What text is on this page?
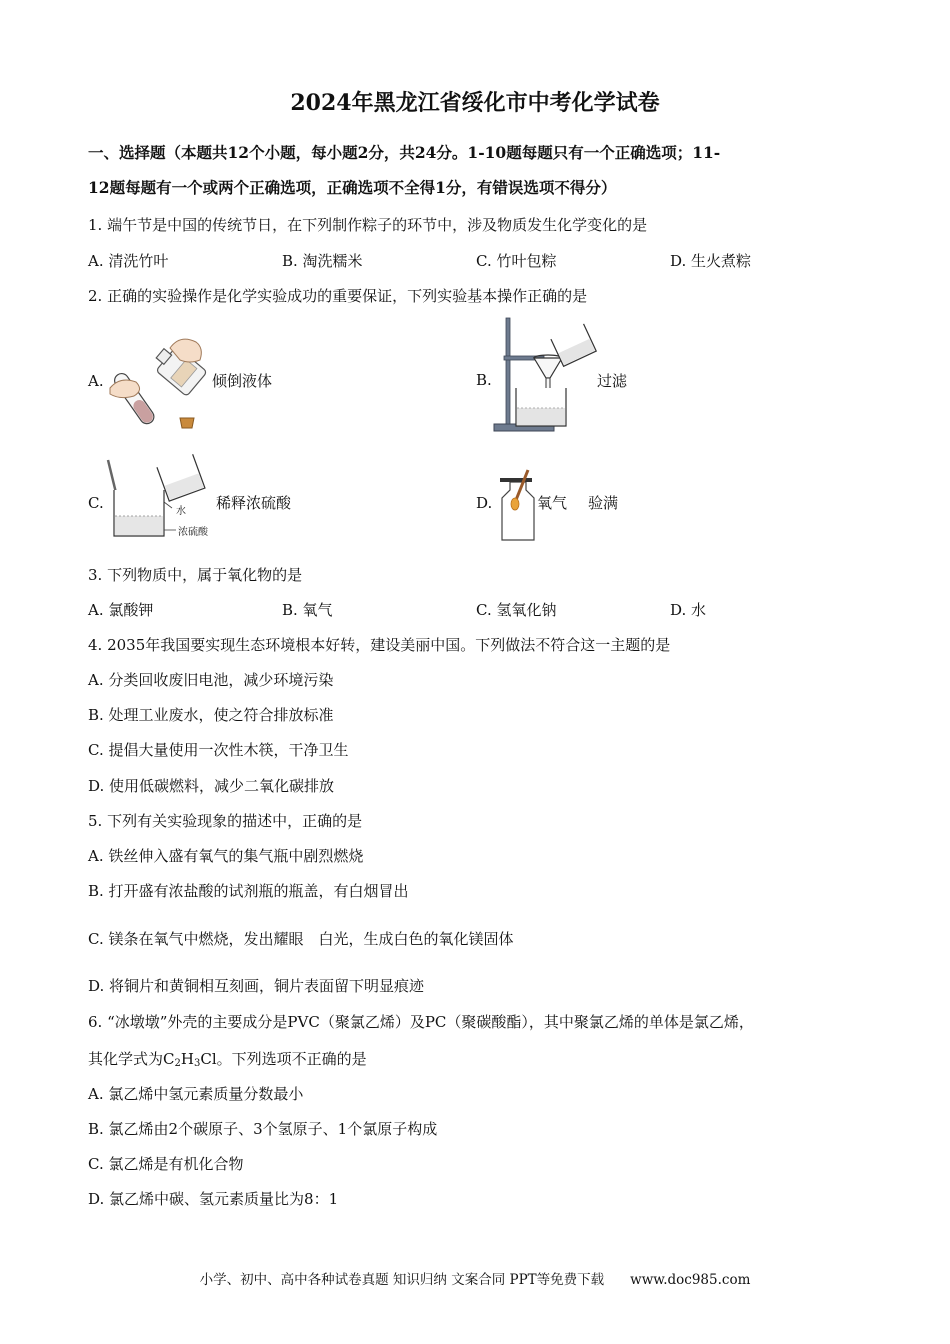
2024年黑龙江省绥化市中考化学试卷
一、选择题（本题共12个小题，每小题2分，共24分。1-10题每题只有一个正确选项；11-
12题每题有一个或两个正确选项，正确选项不全得1分，有错误选项不得分）
1. 端午节是中国的传统节日，在下列制作粽子的环节中，涉及物质发生化学变化的是
A. 清洗竹叶	B. 淘洗糯米	C. 竹叶包粽	D. 生火煮粽
2. 正确的实验操作是化学实验成功的重要保证，下列实验基本操作正确的是
A.	倾倒液体	B.	过滤
C.	水
浓硫酸
稀释浓硫酸	D.	氧气 验满
3. 下列物质中，属于氧化物的是
A. 氯酸钾	B. 氧气	C. 氢氧化钠	D. 水
4. 2035年我国要实现生态环境根本好转，建设美丽中国。下列做法不符合这一主题的是
A. 分类回收废旧电池，减少环境污染
B. 处理工业废水，使之符合排放标准
C. 提倡大量使用一次性木筷，干净卫生
D. 使用低碳燃料，减少二氧化碳排放
5. 下列有关实验现象的描述中，正确的是
A. 铁丝伸入盛有氧气的集气瓶中剧烈燃烧
B. 打开盛有浓盐酸的试剂瓶的瓶盖，有白烟冒出
C. 镁条在氧气中燃烧，发出耀眼　白光，生成白色的氧化镁固体
D. 将铜片和黄铜相互刻画，铜片表面留下明显痕迹
6. “冰墩墩”外壳的主要成分是PVC（聚氯乙烯）及PC（聚碳酸酯），其中聚氯乙烯的单体是氯乙烯，
其化学式为$C_2H_3Cl$。下列选项不正确的是
A. 氯乙烯中氢元素质量分数最小
B. 氯乙烯由2个碳原子、3个氢原子、1个氯原子构成
C. 氯乙烯是有机化合物
D. 氯乙烯中碳、氢元素质量比为8：1
小学、初中、高中各种试卷真题 知识归纳 文案合同 PPT等免费下载 www.doc985.com
